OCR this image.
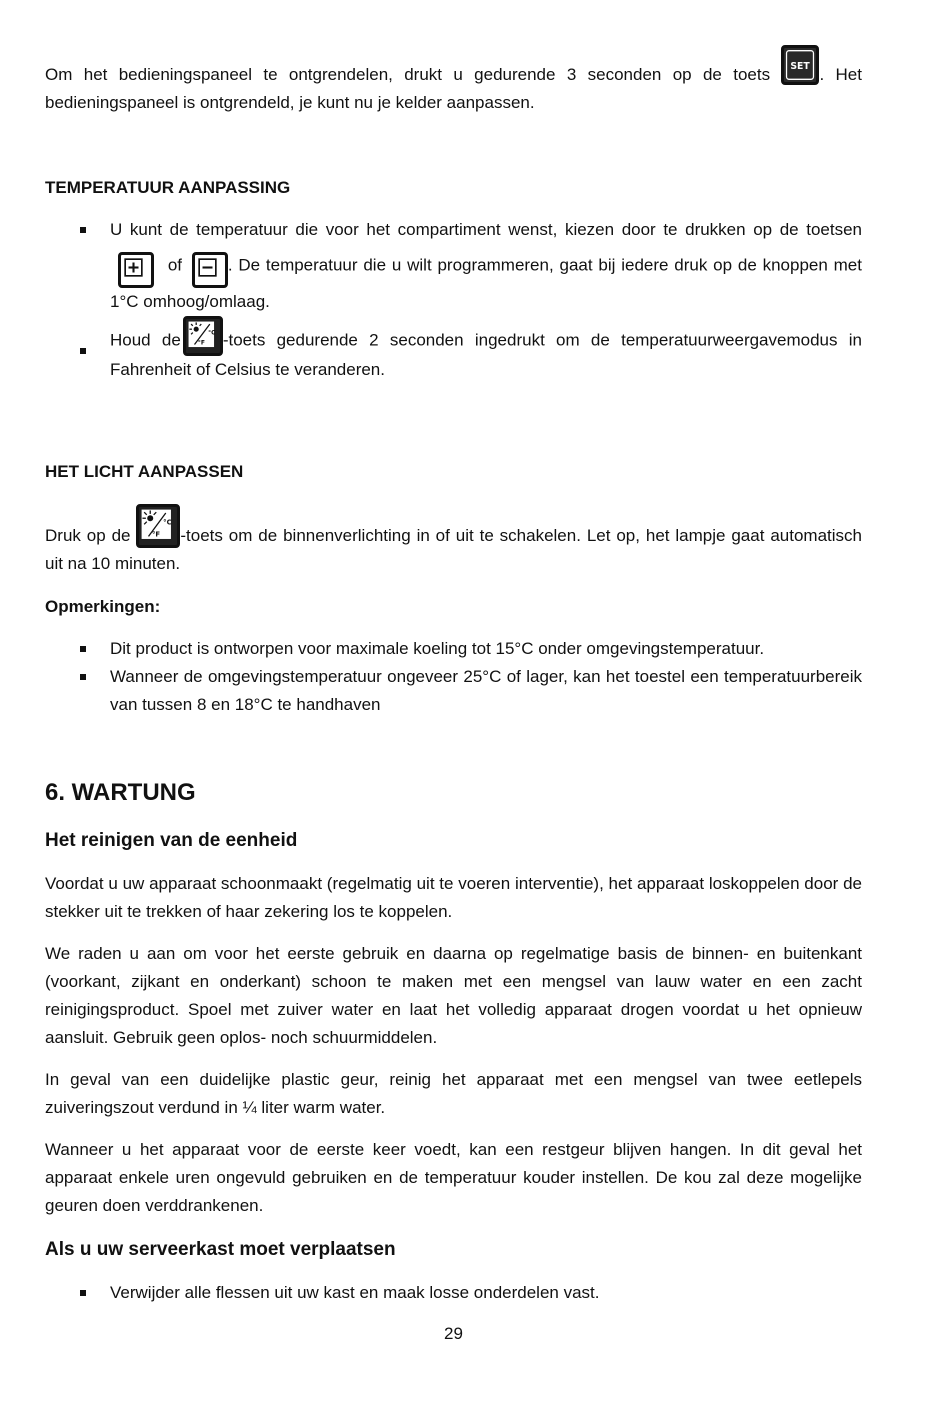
Om het bedieningspaneel te ontgrendelen, drukt u gedurende 3 seconden op de toets SET . Het bedieningspaneel is ontgrendeld, je kunt nu je kelder aanpassen.

TEMPERATUUR AANPASSING
U kunt de temperatuur die voor het compartiment wenst, kiezen door te drukken op de toetsen
of	. De temperatuur die u wilt programmeren, gaat bij iedere druk op de knoppen met 1°C omhoog/omlaag.
Houd de	°C
°F -toets gedurende 2 seconden ingedrukt om de temperatuurweergavemodus in Fahrenheit of Celsius te veranderen.
HET LICHT AANPASSEN

Druk op de
°C
°F -toets om de binnenverlichting in of uit te schakelen. Let op, het lampje gaat automatisch uit na 10 minuten.

Opmerkingen:
Dit product is ontworpen voor maximale koeling tot 15°C onder omgevingstemperatuur.
Wanneer de omgevingstemperatuur ongeveer 25°C of lager, kan het toestel een temperatuurbereik van tussen 8 en 18°C te handhaven
6. WARTUNG
Het reinigen van de eenheid

Voordat u uw apparaat schoonmaakt (regelmatig uit te voeren interventie), het apparaat loskoppelen door de stekker uit te trekken of haar zekering los te koppelen.

We raden u aan om voor het eerste gebruik en daarna op regelmatige basis de binnen- en buitenkant (voorkant, zijkant en onderkant) schoon te maken met een mengsel van lauw water en een zacht reinigingsproduct. Spoel met zuiver water en laat het volledig apparaat drogen voordat u het opnieuw aansluit. Gebruik geen oplos- noch schuurmiddelen.

In geval van een duidelijke plastic geur, reinig het apparaat met een mengsel van twee eetlepels zuiveringszout verdund in ¼ liter warm water.

Wanneer u het apparaat voor de eerste keer voedt, kan een restgeur blijven hangen. In dit geval het apparaat enkele uren ongevuld gebruiken en de temperatuur kouder instellen. De kou zal deze mogelijke geuren doen verddrankenen.

Als u uw serveerkast moet verplaatsen
Verwijder alle flessen uit uw kast en maak losse onderdelen vast.
29
